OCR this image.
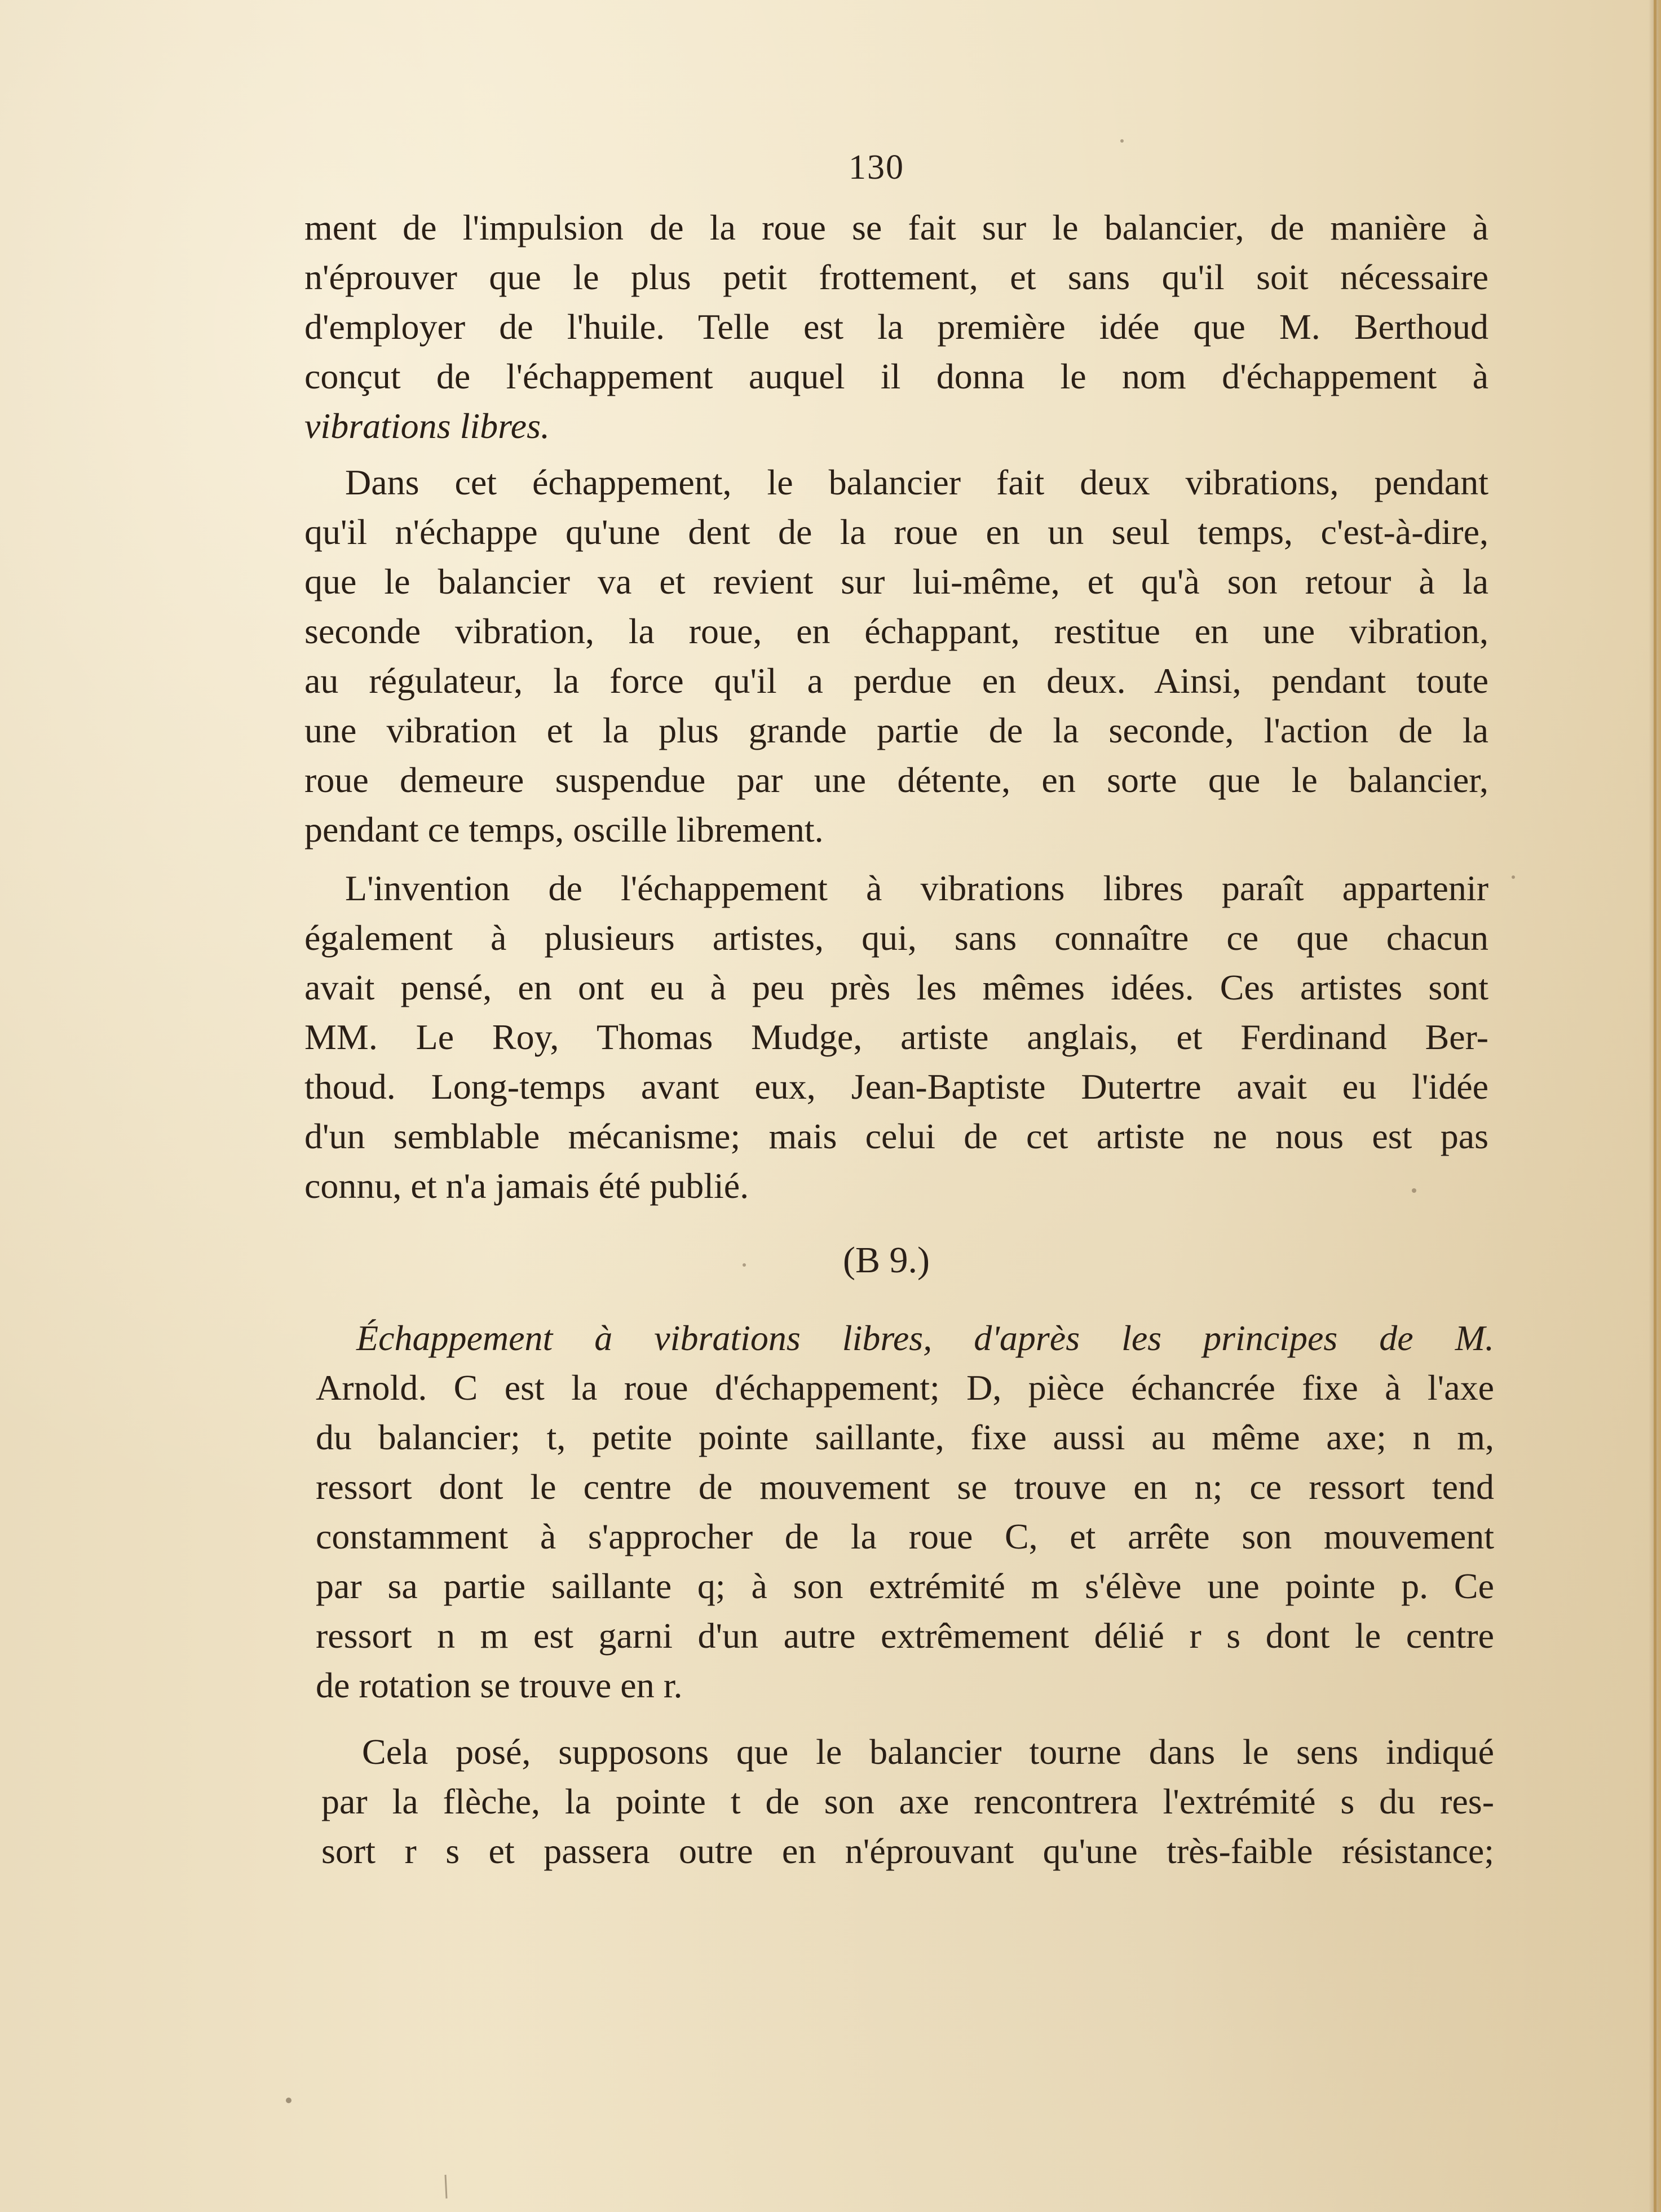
130
ment de l'impulsion de la roue se fait sur le balancier, de manière à
n'éprouver que le plus petit frottement, et sans qu'il soit nécessaire
d'employer de l'huile. Telle est la première idée que M. Berthoud
conçut de l'échappement auquel il donna le nom d'échappement à
vibrations libres.
Dans cet échappement, le balancier fait deux vibrations, pendant
qu'il n'échappe qu'une dent de la roue en un seul temps, c'est-à-dire,
que le balancier va et revient sur lui-même, et qu'à son retour à la
seconde vibration, la roue, en échappant, restitue en une vibration,
au régulateur, la force qu'il a perdue en deux. Ainsi, pendant toute
une vibration et la plus grande partie de la seconde, l'action de la
roue demeure suspendue par une détente, en sorte que le balancier,
pendant ce temps, oscille librement.
L'invention de l'échappement à vibrations libres paraît appartenir
également à plusieurs artistes, qui, sans connaître ce que chacun
avait pensé, en ont eu à peu près les mêmes idées. Ces artistes sont
MM. Le Roy, Thomas Mudge, artiste anglais, et Ferdinand Ber-
thoud. Long-temps avant eux, Jean-Baptiste Dutertre avait eu l'idée
d'un semblable mécanisme; mais celui de cet artiste ne nous est pas
connu, et n'a jamais été publié.
(B 9.)
Échappement à vibrations libres, d'après les principes de M.
Arnold. C est la roue d'échappement; D, pièce échancrée fixe à l'axe
du balancier; t, petite pointe saillante, fixe aussi au même axe; n m,
ressort dont le centre de mouvement se trouve en n; ce ressort tend
constamment à s'approcher de la roue C, et arrête son mouvement
par sa partie saillante q; à son extrémité m s'élève une pointe p. Ce
ressort n m est garni d'un autre extrêmement délié r s dont le centre
de rotation se trouve en r.
Cela posé, supposons que le balancier tourne dans le sens indiqué
par la flèche, la pointe t de son axe rencontrera l'extrémité s du res-
sort r s et passera outre en n'éprouvant qu'une très-faible résistance;
